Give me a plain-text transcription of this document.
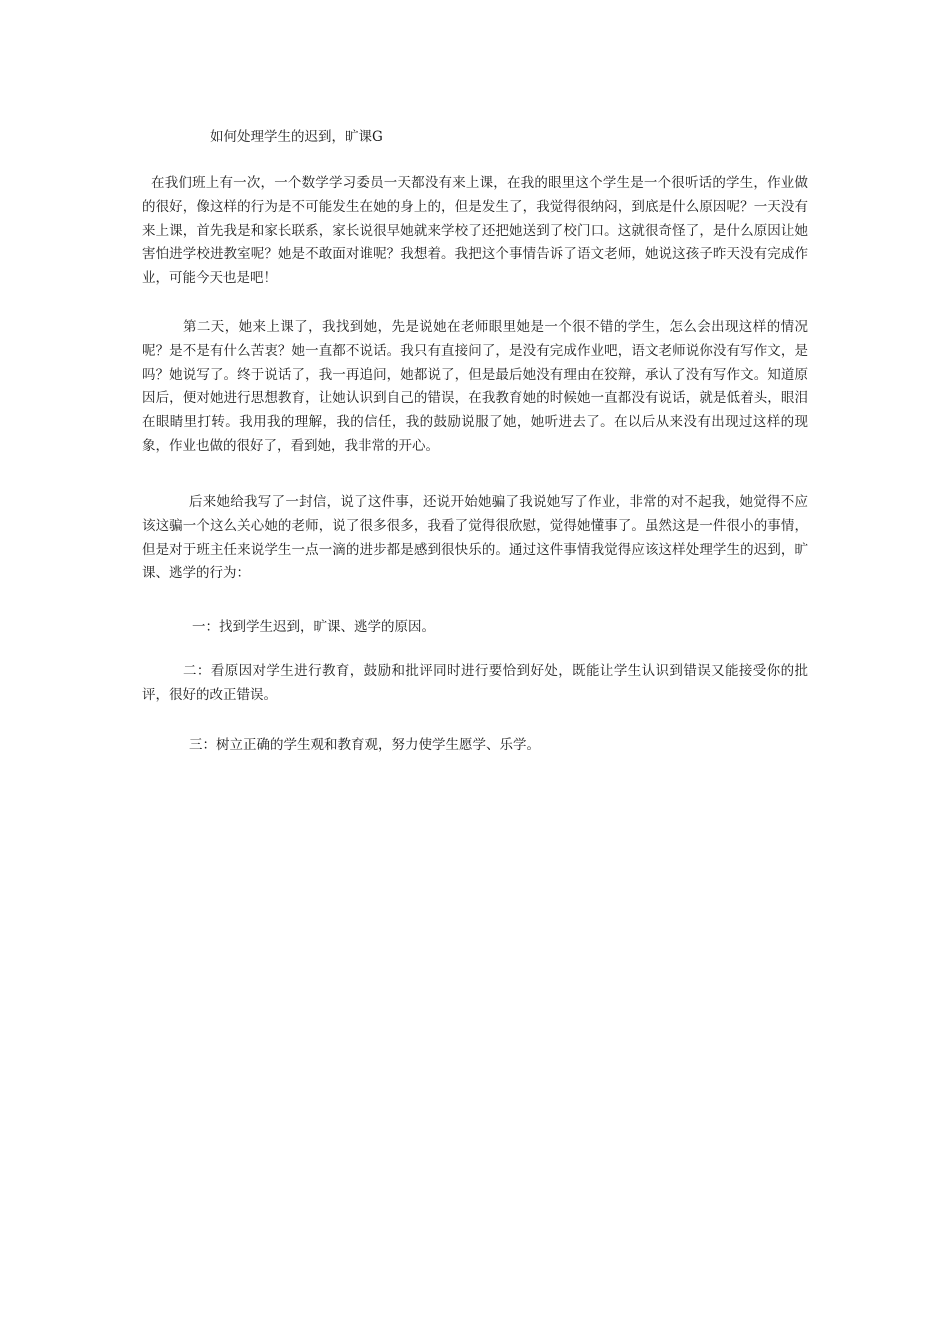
如何处理学生的迟到，旷课G

在我们班上有一次，一个数学学习委员一天都没有来上课，在我的眼里这个学生是一个很听话的学生，作业做的很好，像这样的行为是不可能发生在她的身上的，但是发生了，我觉得很纳闷，到底是什么原因呢？一天没有来上课，首先我是和家长联系，家长说很早她就来学校了还把她送到了校门口。这就很奇怪了，是什么原因让她害怕进学校进教室呢？她是不敢面对谁呢？我想着。我把这个事情告诉了语文老师，她说这孩子昨天没有完成作业，可能今天也是吧！

第二天，她来上课了，我找到她，先是说她在老师眼里她是一个很不错的学生，怎么会出现这样的情况呢？是不是有什么苦衷？她一直都不说话。我只有直接问了，是没有完成作业吧，语文老师说你没有写作文，是吗？她说写了。终于说话了，我一再追问，她都说了，但是最后她没有理由在狡辩，承认了没有写作文。知道原因后，便对她进行思想教育，让她认识到自己的错误，在我教育她的时候她一直都没有说话，就是低着头，眼泪在眼睛里打转。我用我的理解，我的信任，我的鼓励说服了她，她听进去了。在以后从来没有出现过这样的现象，作业也做的很好了，看到她，我非常的开心。

后来她给我写了一封信，说了这件事，还说开始她骗了我说她写了作业，非常的对不起我，她觉得不应该这骗一个这么关心她的老师，说了很多很多，我看了觉得很欣慰，觉得她懂事了。虽然这是一件很小的事情，但是对于班主任来说学生一点一滴的进步都是感到很快乐的。通过这件事情我觉得应该这样处理学生的迟到，旷课、逃学的行为：

一：找到学生迟到，旷课、逃学的原因。

二：看原因对学生进行教育，鼓励和批评同时进行要恰到好处，既能让学生认识到错误又能接受你的批评，很好的改正错误。

三：树立正确的学生观和教育观，努力使学生愿学、乐学。
